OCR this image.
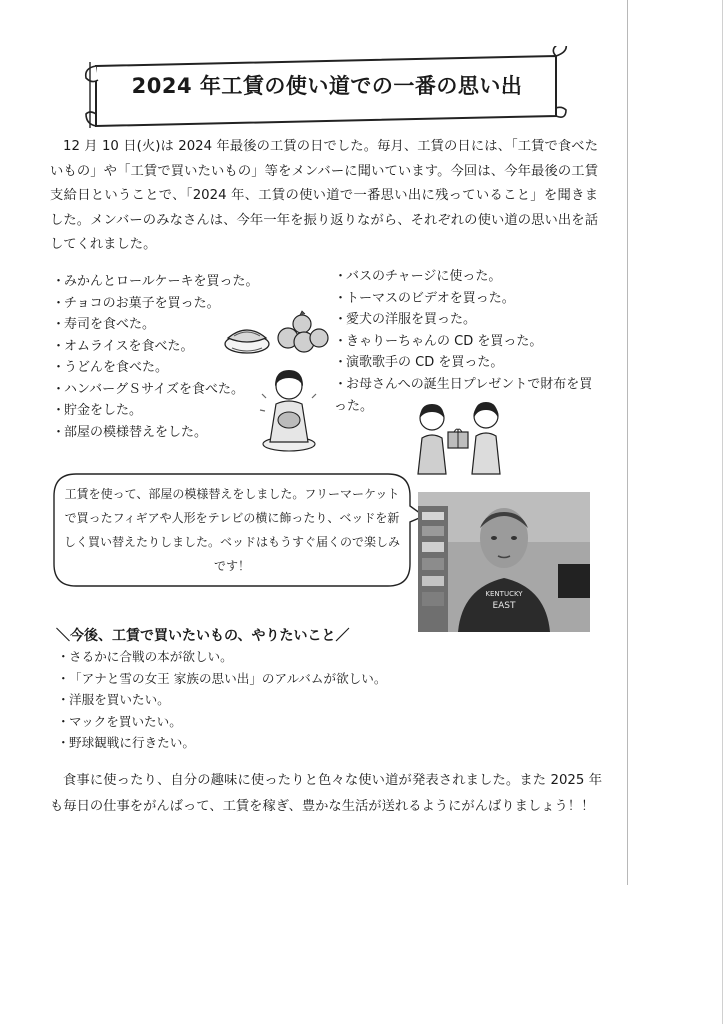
2024 年工賃の使い道での一番の思い出
12 月 10 日(火)は 2024 年最後の工賃の日でした。毎月、工賃の日には、「工賃で食べたいもの」や「工賃で買いたいもの」等をメンバーに聞いています。今回は、今年最後の工賃支給日ということで、「2024 年、工賃の使い道で一番思い出に残っていること」を聞きました。メンバーのみなさんは、今年一年を振り返りながら、それぞれの使い道の思い出を話してくれました。
・みかんとロールケーキを買った。
・チョコのお菓子を買った。
・寿司を食べた。
・オムライスを食べた。
・うどんを食べた。
・ハンバーグＳサイズを食べた。
・貯金をした。
・部屋の模様替えをした。
・バスのチャージに使った。
・トーマスのビデオを買った。
・愛犬の洋服を買った。
・きゃりーちゃんの CD を買った。
・演歌歌手の CD を買った。
・お母さんへの誕生日プレゼントで財布を買った。
工賃を使って、部屋の模様替えをしました。フリーマーケットで買ったフィギアや人形をテレビの横に飾ったり、ベッドを新しく買い替えたりしました。ベッドはもうすぐ届くので楽しみです！
KENTUCKY
EAST
＼今後、工賃で買いたいもの、やりたいこと／
・さるかに合戦の本が欲しい。
・「アナと雪の女王 家族の思い出」のアルバムが欲しい。
・洋服を買いたい。
・マックを買いたい。
・野球観戦に行きたい。
食事に使ったり、自分の趣味に使ったりと色々な使い道が発表されました。また 2025 年も毎日の仕事をがんばって、工賃を稼ぎ、豊かな生活が送れるようにがんばりましょう！！
